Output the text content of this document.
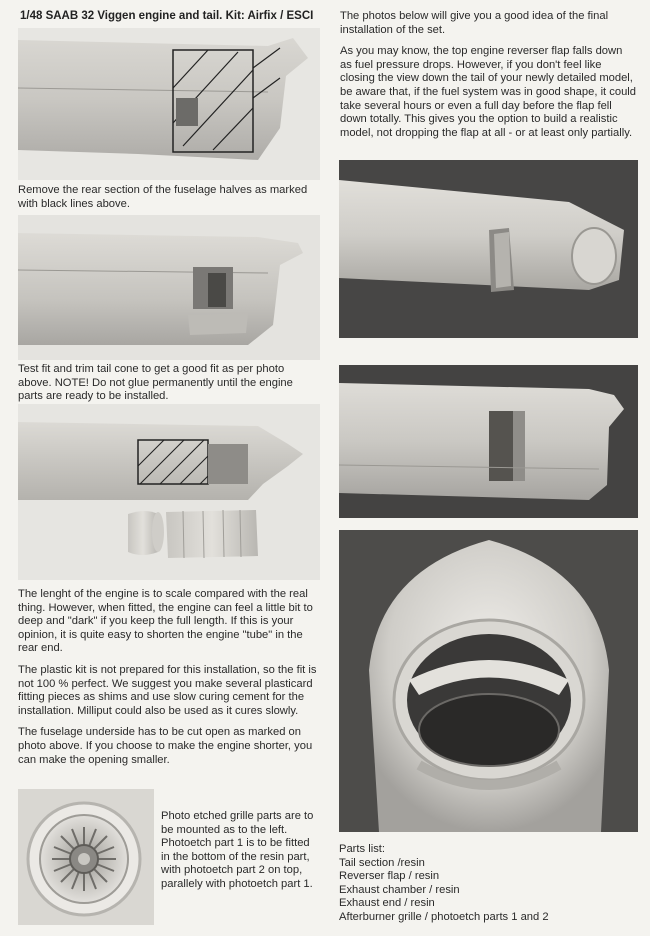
1/48 SAAB 32 Viggen engine and tail. Kit: Airfix / ESCI
Remove the rear section of the fuselage halves as marked with black lines above.
Test fit and trim tail cone to get a good fit as per photo above. NOTE! Do not glue permanently until the engine parts are ready to be installed.

The lenght of the engine is to scale compared with the real thing. However, when fitted, the engine can feel a little bit to deep and "dark" if you keep the full length. If this is your opinion, it is quite easy to shorten the engine "tube" in the rear end.

The plastic kit is not prepared for this installation, so the fit is not 100 % perfect. We suggest you make several plasticard fitting pieces as shims and use slow curing cement for the installation. Milliput could also be used as it cures slowly.

The fuselage underside has to be cut open as marked on photo above. If you choose to make the engine shorter, you can make the opening smaller.

Photo etched grille parts are to be mounted as to the left. Photoetch part 1 is to be fitted in the bottom of the resin part, with photoetch part 2 on top, parallely with photoetch part 1.

The photos below will give you a good idea of the final installation of the set.

As you may know, the top engine reverser flap falls down as fuel pressure drops. However, if you don't feel like closing the view down the tail of your newly detailed model, be aware that, if the fuel system was in good shape, it could take several hours or even a full day before the flap fell down totally. This gives you the option to build a realistic model, not dropping the flap at all - or at least only partially.

Parts list:
Tail section /resin
Reverser flap / resin
Exhaust chamber / resin
Exhaust end / resin
Afterburner grille / photoetch parts 1 and 2
